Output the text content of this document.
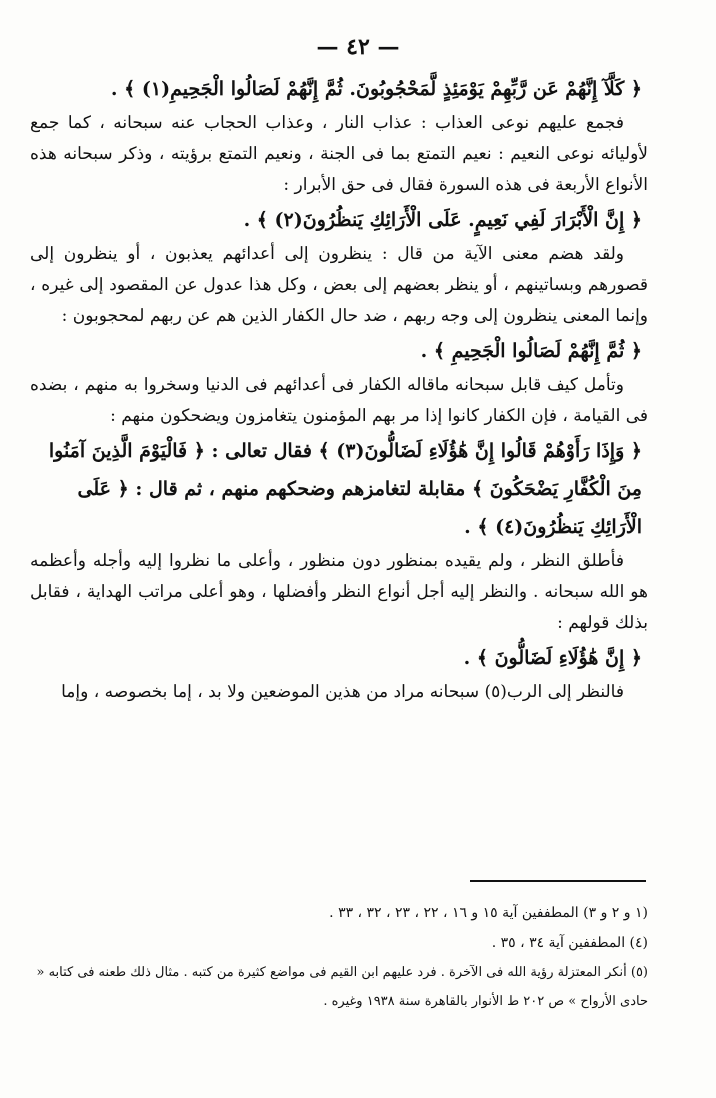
— ٤٢ —

﴿ كَلَّآ إِنَّهُمْ عَن رَّبِّهِمْ يَوْمَئِذٍ لَّمَحْجُوبُونَ. ثُمَّ إِنَّهُمْ لَصَالُوا الْجَحِيمِ(١) ﴾ .

فجمع عليهم نوعى العذاب : عذاب النار ، وعذاب الحجاب عنه سبحانه ، كما جمع لأوليائه نوعى النعيم : نعيم التمتع بما فى الجنة ، ونعيم التمتع برؤيته ، وذكر سبحانه هذه الأنواع الأربعة فى هذه السورة فقال فى حق الأبرار :

﴿ إِنَّ الْأَبْرَارَ لَفِي نَعِيمٍ. عَلَى الْأَرَائِكِ يَنظُرُونَ(٢) ﴾ .

ولقد هضم معنى الآية من قال : ينظرون إلى أعدائهم يعذبون ، أو ينظرون إلى قصورهم وبساتينهم ، أو ينظر بعضهم إلى بعض ، وكل هذا عدول عن المقصود إلى غيره ، وإنما المعنى ينظرون إلى وجه ربهم ، ضد حال الكفار الذين هم عن ربهم لمحجوبون :

﴿ ثُمَّ إِنَّهُمْ لَصَالُوا الْجَحِيمِ ﴾ .

وتأمل كيف قابل سبحانه ماقاله الكفار فى أعدائهم فى الدنيا وسخروا به منهم ، بضده فى القيامة ، فإن الكفار كانوا إذا مر بهم المؤمنون يتغامزون ويضحكون منهم :

﴿ وَإِذَا رَأَوْهُمْ قَالُوا إِنَّ هَٰؤُلَاءِ لَضَالُّونَ(٣) ﴾ فقال تعالى : ﴿ فَالْيَوْمَ الَّذِينَ آمَنُوا مِنَ الْكُفَّارِ يَضْحَكُونَ ﴾ مقابلة لتغامزهم وضحكهم منهم ، ثم قال : ﴿ عَلَى الْأَرَائِكِ يَنظُرُونَ(٤) ﴾ .

فأطلق النظر ، ولم يقيده بمنظور دون منظور ، وأعلى ما نظروا إليه وأجله وأعظمه هو الله سبحانه . والنظر إليه أجل أنواع النظر وأفضلها ، وهو أعلى مراتب الهداية ، فقابل بذلك قولهم :

﴿ إِنَّ هَٰؤُلَاءِ لَضَالُّونَ ﴾ .

فالنظر إلى الرب(٥) سبحانه مراد من هذين الموضعين ولا بد ، إما بخصوصه ، وإما

(١ و ٢ و ٣) المطففين آية ١٥ و ١٦ ، ٢٢ ، ٢٣ ، ٣٢ ، ٣٣ .

(٤) المطففين آية ٣٤ ، ٣٥ .

(٥) أنكر المعتزلة رؤية الله فى الآخرة . فرد عليهم ابن القيم فى مواضع كثيرة من كتبه . مثال ذلك طعنه فى كتابه « حادى الأرواح » ص ٢٠٢ ط الأنوار بالقاهرة سنة ١٩٣٨ وغيره .
